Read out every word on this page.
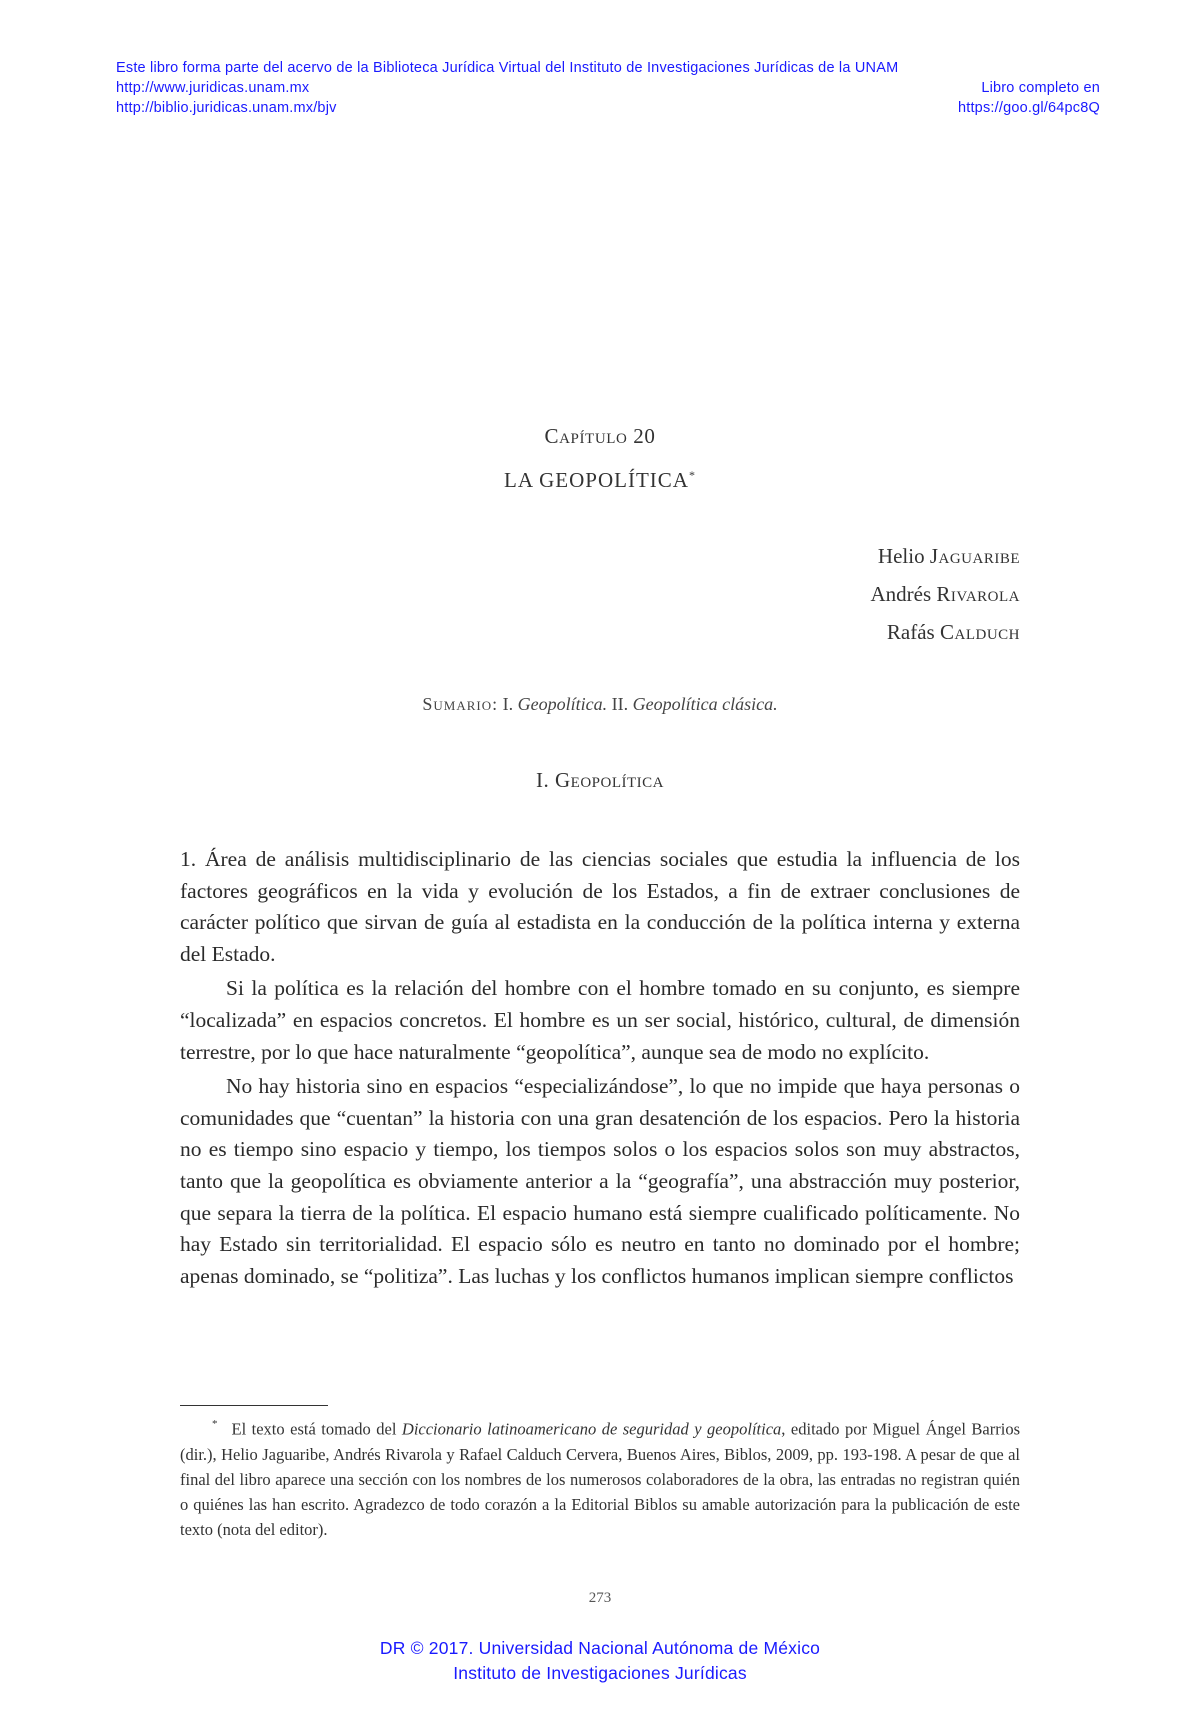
Este libro forma parte del acervo de la Biblioteca Jurídica Virtual del Instituto de Investigaciones Jurídicas de la UNAM
http://www.juridicas.unam.mx	Libro completo en
http://biblio.juridicas.unam.mx/bjv	https://goo.gl/64pc8Q
Capítulo 20
LA GEOPOLÍTICA*
Helio Jaguaribe
Andrés Rivarola
Rafás Calduch
Sumario: I. Geopolítica. II. Geopolítica clásica.
I. Geopolítica

1. Área de análisis multidisciplinario de las ciencias sociales que estudia la influencia de los factores geográficos en la vida y evolución de los Estados, a fin de extraer conclusiones de carácter político que sirvan de guía al estadista en la conducción de la política interna y externa del Estado.

Si la política es la relación del hombre con el hombre tomado en su conjunto, es siempre “localizada” en espacios concretos. El hombre es un ser social, histórico, cultural, de dimensión terrestre, por lo que hace naturalmente “geopolítica”, aunque sea de modo no explícito.

No hay historia sino en espacios “especializándose”, lo que no impide que haya personas o comunidades que “cuentan” la historia con una gran desatención de los espacios. Pero la historia no es tiempo sino espacio y tiempo, los tiempos solos o los espacios solos son muy abstractos, tanto que la geopolítica es obviamente anterior a la “geografía”, una abstracción muy posterior, que separa la tierra de la política. El espacio humano está siempre cualificado políticamente. No hay Estado sin territorialidad. El espacio sólo es neutro en tanto no dominado por el hombre; apenas dominado, se “politiza”. Las luchas y los conflictos humanos implican siempre conflictos

* El texto está tomado del Diccionario latinoamericano de seguridad y geopolítica, editado por Miguel Ángel Barrios (dir.), Helio Jaguaribe, Andrés Rivarola y Rafael Calduch Cervera, Buenos Aires, Biblos, 2009, pp. 193-198. A pesar de que al final del libro aparece una sección con los nombres de los numerosos colaboradores de la obra, las entradas no registran quién o quiénes las han escrito. Agradezco de todo corazón a la Editorial Biblos su amable autorización para la publicación de este texto (nota del editor).

273
DR © 2017. Universidad Nacional Autónoma de México
Instituto de Investigaciones Jurídicas
